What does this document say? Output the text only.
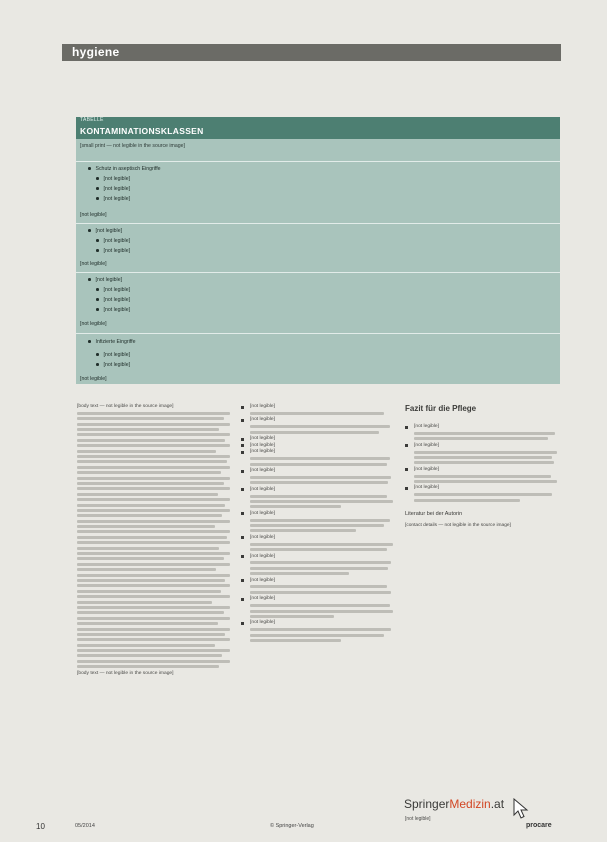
hygiene
TABELLE
KONTAMINATIONSKLASSEN
[small print — not legible in the source image]
Schutz in aseptisch Eingriffe
[not legible]
[not legible]
[not legible]
[not legible]
[not legible]
[not legible]
[not legible]
[not legible]
[not legible]
[not legible]
[not legible]
[not legible]
[not legible]
Infizierte Eingriffe
[not legible]
[not legible]
[not legible]
[body text — not legible in the source image]
[body text — not legible in the source image]
[not legible]
[not legible]
[not legible]
[not legible]
[not legible]
[not legible]
[not legible]
[not legible]
[not legible]
[not legible]
[not legible]
[not legible]
[not legible]
Fazit für die Pflege
[not legible]
[not legible]
[not legible]
[not legible]
Literatur bei der Autorin
[contact details — not legible in the source image]
SpringerMedizin.at
[not legible]
10	05/2014	© Springer-Verlag	procare
